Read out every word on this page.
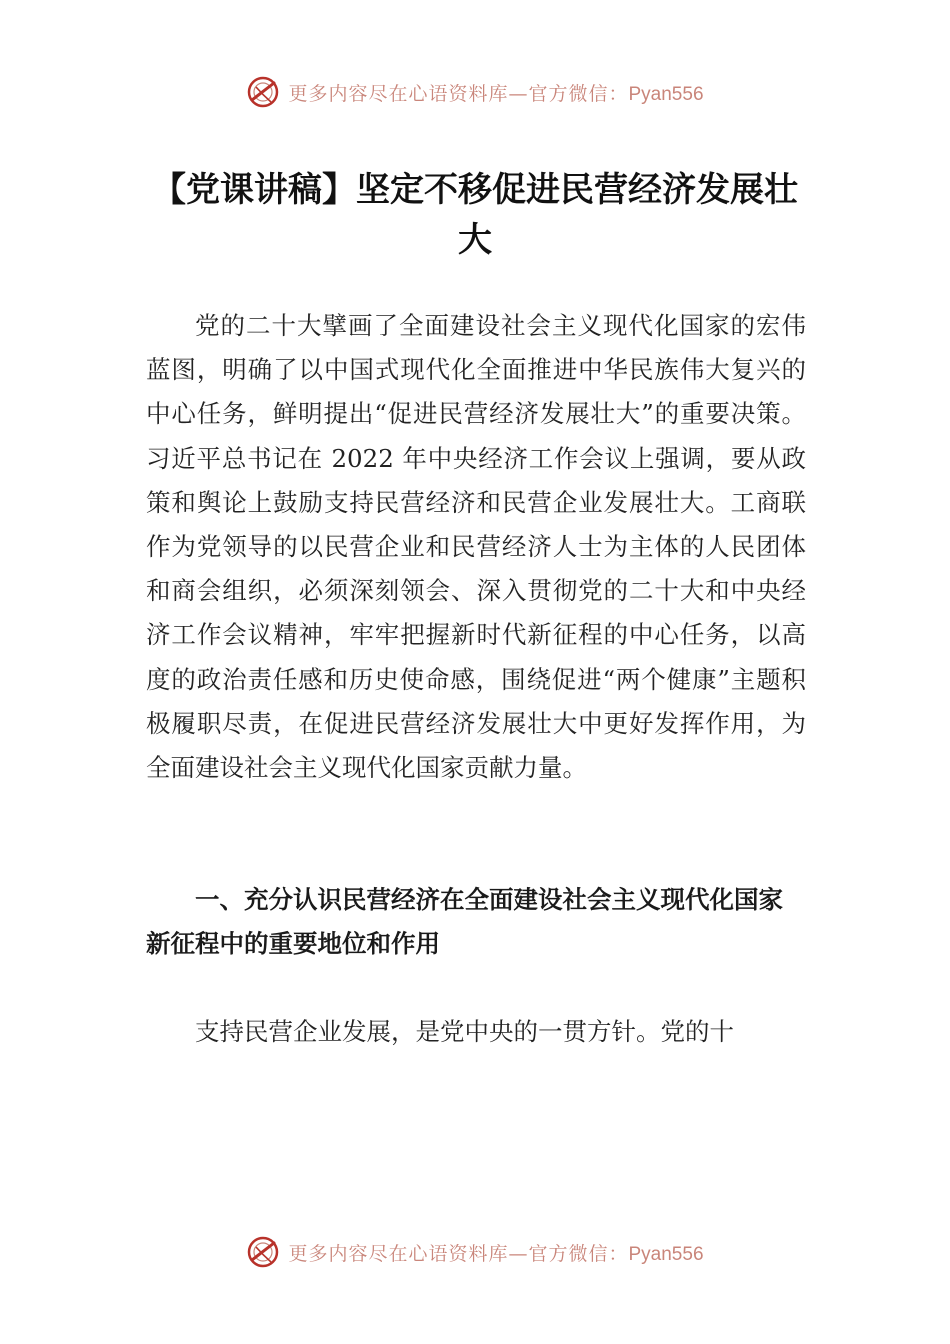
更多内容尽在心语资料库—官方微信：Pyan556
【党课讲稿】坚定不移促进民营经济发展壮大

党的二十大擘画了全面建设社会主义现代化国家的宏伟蓝图，明确了以中国式现代化全面推进中华民族伟大复兴的中心任务，鲜明提出“促进民营经济发展壮大”的重要决策。习近平总书记在 2022 年中央经济工作会议上强调，要从政策和舆论上鼓励支持民营经济和民营企业发展壮大。工商联作为党领导的以民营企业和民营经济人士为主体的人民团体和商会组织，必须深刻领会、深入贯彻党的二十大和中央经济工作会议精神，牢牢把握新时代新征程的中心任务，以高度的政治责任感和历史使命感，围绕促进“两个健康”主题积极履职尽责，在促进民营经济发展壮大中更好发挥作用，为全面建设社会主义现代化国家贡献力量。

一、充分认识民营经济在全面建设社会主义现代化国家新征程中的重要地位和作用

支持民营企业发展，是党中央的一贯方针。党的十

更多内容尽在心语资料库—官方微信：Pyan556
